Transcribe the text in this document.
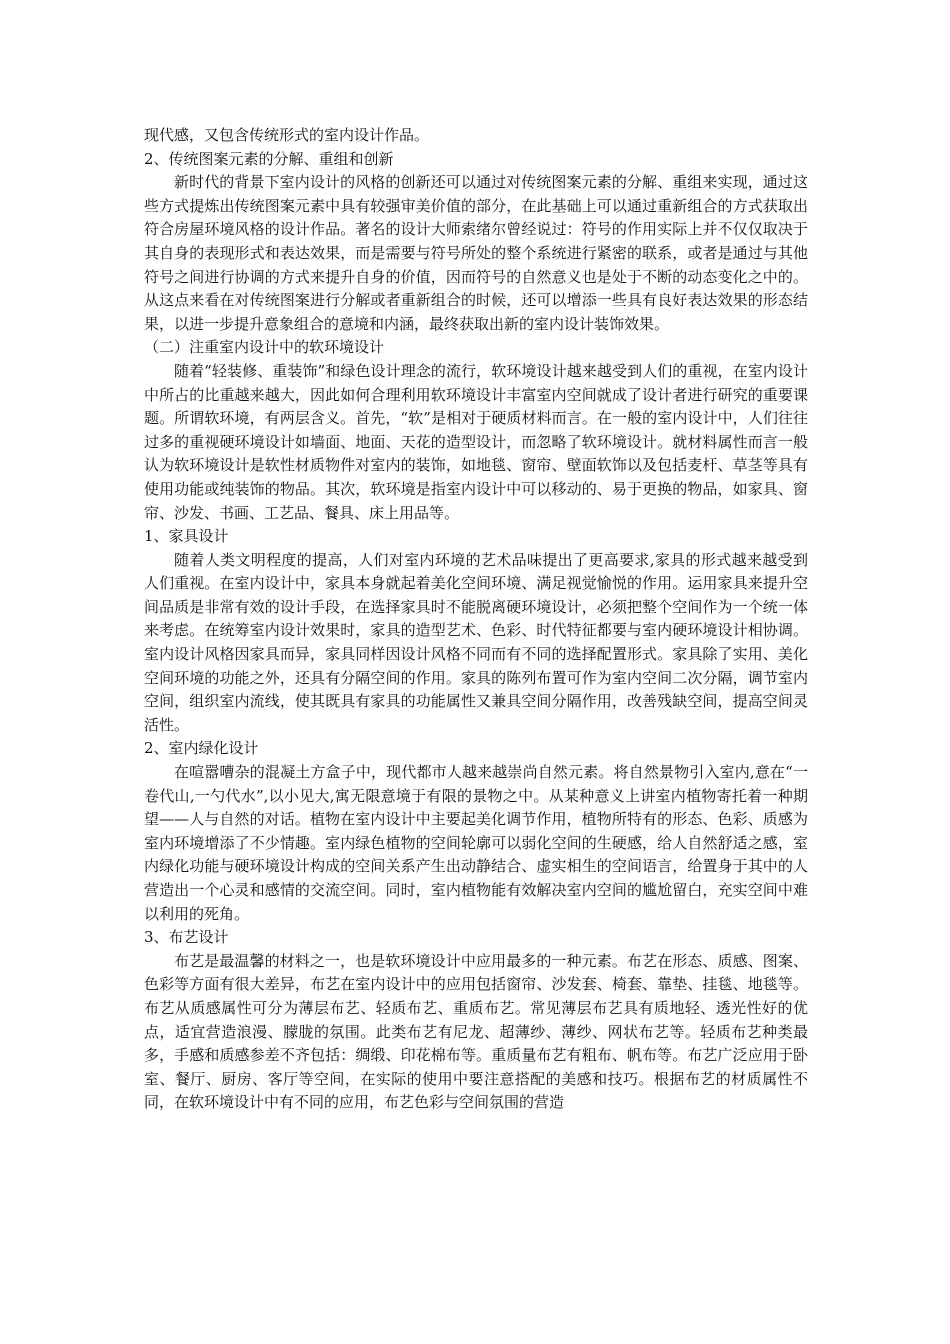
现代感，又包含传统形式的室内设计作品。

2、传统图案元素的分解、重组和创新

新时代的背景下室内设计的风格的创新还可以通过对传统图案元素的分解、重组来实现，通过这些方式提炼出传统图案元素中具有较强审美价值的部分，在此基础上可以通过重新组合的方式获取出符合房屋环境风格的设计作品。著名的设计大师索绪尔曾经说过：符号的作用实际上并不仅仅取决于其自身的表现形式和表达效果，而是需要与符号所处的整个系统进行紧密的联系，或者是通过与其他符号之间进行协调的方式来提升自身的价值，因而符号的自然意义也是处于不断的动态变化之中的。从这点来看在对传统图案进行分解或者重新组合的时候，还可以增添一些具有良好表达效果的形态结果，以进一步提升意象组合的意境和内涵，最终获取出新的室内设计装饰效果。

（二）注重室内设计中的软环境设计

随着“轻装修、重装饰”和绿色设计理念的流行，软环境设计越来越受到人们的重视，在室内设计中所占的比重越来越大，因此如何合理利用软环境设计丰富室内空间就成了设计者进行研究的重要课题。所谓软环境，有两层含义。首先，“软”是相对于硬质材料而言。在一般的室内设计中，人们往往过多的重视硬环境设计如墙面、地面、天花的造型设计，而忽略了软环境设计。就材料属性而言一般认为软环境设计是软性材质物件对室内的装饰，如地毯、窗帘、壁面软饰以及包括麦杆、草茎等具有使用功能或纯装饰的物品。其次，软环境是指室内设计中可以移动的、易于更换的物品，如家具、窗帘、沙发、书画、工艺品、餐具、床上用品等。

1、家具设计

随着人类文明程度的提高，人们对室内环境的艺术品味提出了更高要求,家具的形式越来越受到人们重视。在室内设计中，家具本身就起着美化空间环境、满足视觉愉悦的作用。运用家具来提升空间品质是非常有效的设计手段，在选择家具时不能脱离硬环境设计，必须把整个空间作为一个统一体来考虑。在统筹室内设计效果时，家具的造型艺术、色彩、时代特征都要与室内硬环境设计相协调。室内设计风格因家具而异，家具同样因设计风格不同而有不同的选择配置形式。家具除了实用、美化空间环境的功能之外，还具有分隔空间的作用。家具的陈列布置可作为室内空间二次分隔，调节室内空间，组织室内流线，使其既具有家具的功能属性又兼具空间分隔作用，改善残缺空间，提高空间灵活性。

2、室内绿化设计

在喧嚣嘈杂的混凝土方盒子中，现代都市人越来越崇尚自然元素。将自然景物引入室内,意在“一卷代山,一勺代水”,以小见大,寓无限意境于有限的景物之中。从某种意义上讲室内植物寄托着一种期望——人与自然的对话。植物在室内设计中主要起美化调节作用，植物所特有的形态、色彩、质感为室内环境增添了不少情趣。室内绿色植物的空间轮廓可以弱化空间的生硬感，给人自然舒适之感，室内绿化功能与硬环境设计构成的空间关系产生出动静结合、虚实相生的空间语言，给置身于其中的人营造出一个心灵和感情的交流空间。同时，室内植物能有效解决室内空间的尴尬留白，充实空间中难以利用的死角。

3、布艺设计

布艺是最温馨的材料之一，也是软环境设计中应用最多的一种元素。布艺在形态、质感、图案、色彩等方面有很大差异，布艺在室内设计中的应用包括窗帘、沙发套、椅套、靠垫、挂毯、地毯等。布艺从质感属性可分为薄层布艺、轻质布艺、重质布艺。常见薄层布艺具有质地轻、透光性好的优点，适宜营造浪漫、朦胧的氛围。此类布艺有尼龙、超薄纱、薄纱、网状布艺等。轻质布艺种类最多，手感和质感参差不齐包括：绸缎、印花棉布等。重质量布艺有粗布、帆布等。布艺广泛应用于卧室、餐厅、厨房、客厅等空间，在实际的使用中要注意搭配的美感和技巧。根据布艺的材质属性不同，在软环境设计中有不同的应用，布艺色彩与空间氛围的营造
